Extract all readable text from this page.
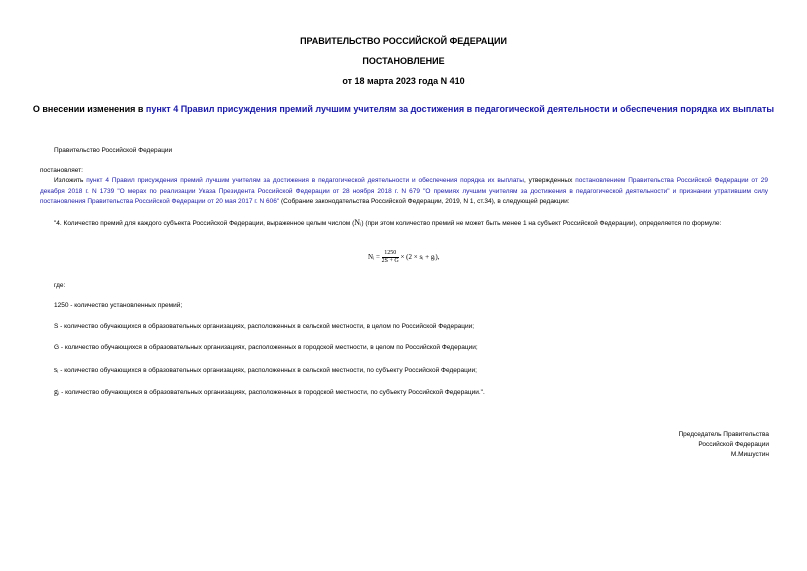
ПРАВИТЕЛЬСТВО РОССИЙСКОЙ ФЕДЕРАЦИИ
ПОСТАНОВЛЕНИЕ
от 18 марта 2023 года N 410
О внесении изменения в пункт 4 Правил присуждения премий лучшим учителям за достижения в педагогической деятельности и обеспечения порядка их выплаты
Правительство Российской Федерации
постановляет:
Изложить пункт 4 Правил присуждения премий лучшим учителям за достижения в педагогической деятельности и обеспечения порядка их выплаты, утвержденных постановлением Правительства Российской Федерации от 29 декабря 2018 г. N 1739 "О мерах по реализации Указа Президента Российской Федерации от 28 ноября 2018 г. N 679 "О премиях лучшим учителям за достижения в педагогической деятельности" и признании утратившим силу постановления Правительства Российской Федерации от 20 мая 2017 г. N 606" (Собрание законодательства Российской Федерации, 2019, N 1, ст.34), в следующей редакции:
"4. Количество премий для каждого субъекта Российской Федерации, выраженное целым числом (Nᵢ) (при этом количество премий не может быть менее 1 на субъект Российской Федерации), определяется по формуле:
Nᵢ = $\frac{1250}{2S + G} \times (2$ × sᵢ + gᵢ),
где:
1250 - количество установленных премий;
S - количество обучающихся в образовательных организациях, расположенных в сельской местности, в целом по Российской Федерации;
G - количество обучающихся в образовательных организациях, расположенных в городской местности, в целом по Российской Федерации;
sᵢ - количество обучающихся в образовательных организациях, расположенных в сельской местности, по субъекту Российской Федерации;
gᵢ - количество обучающихся в образовательных организациях, расположенных в городской местности, по субъекту Российской Федерации.".
Председатель Правительства
Российской Федерации
М.Мишустин
